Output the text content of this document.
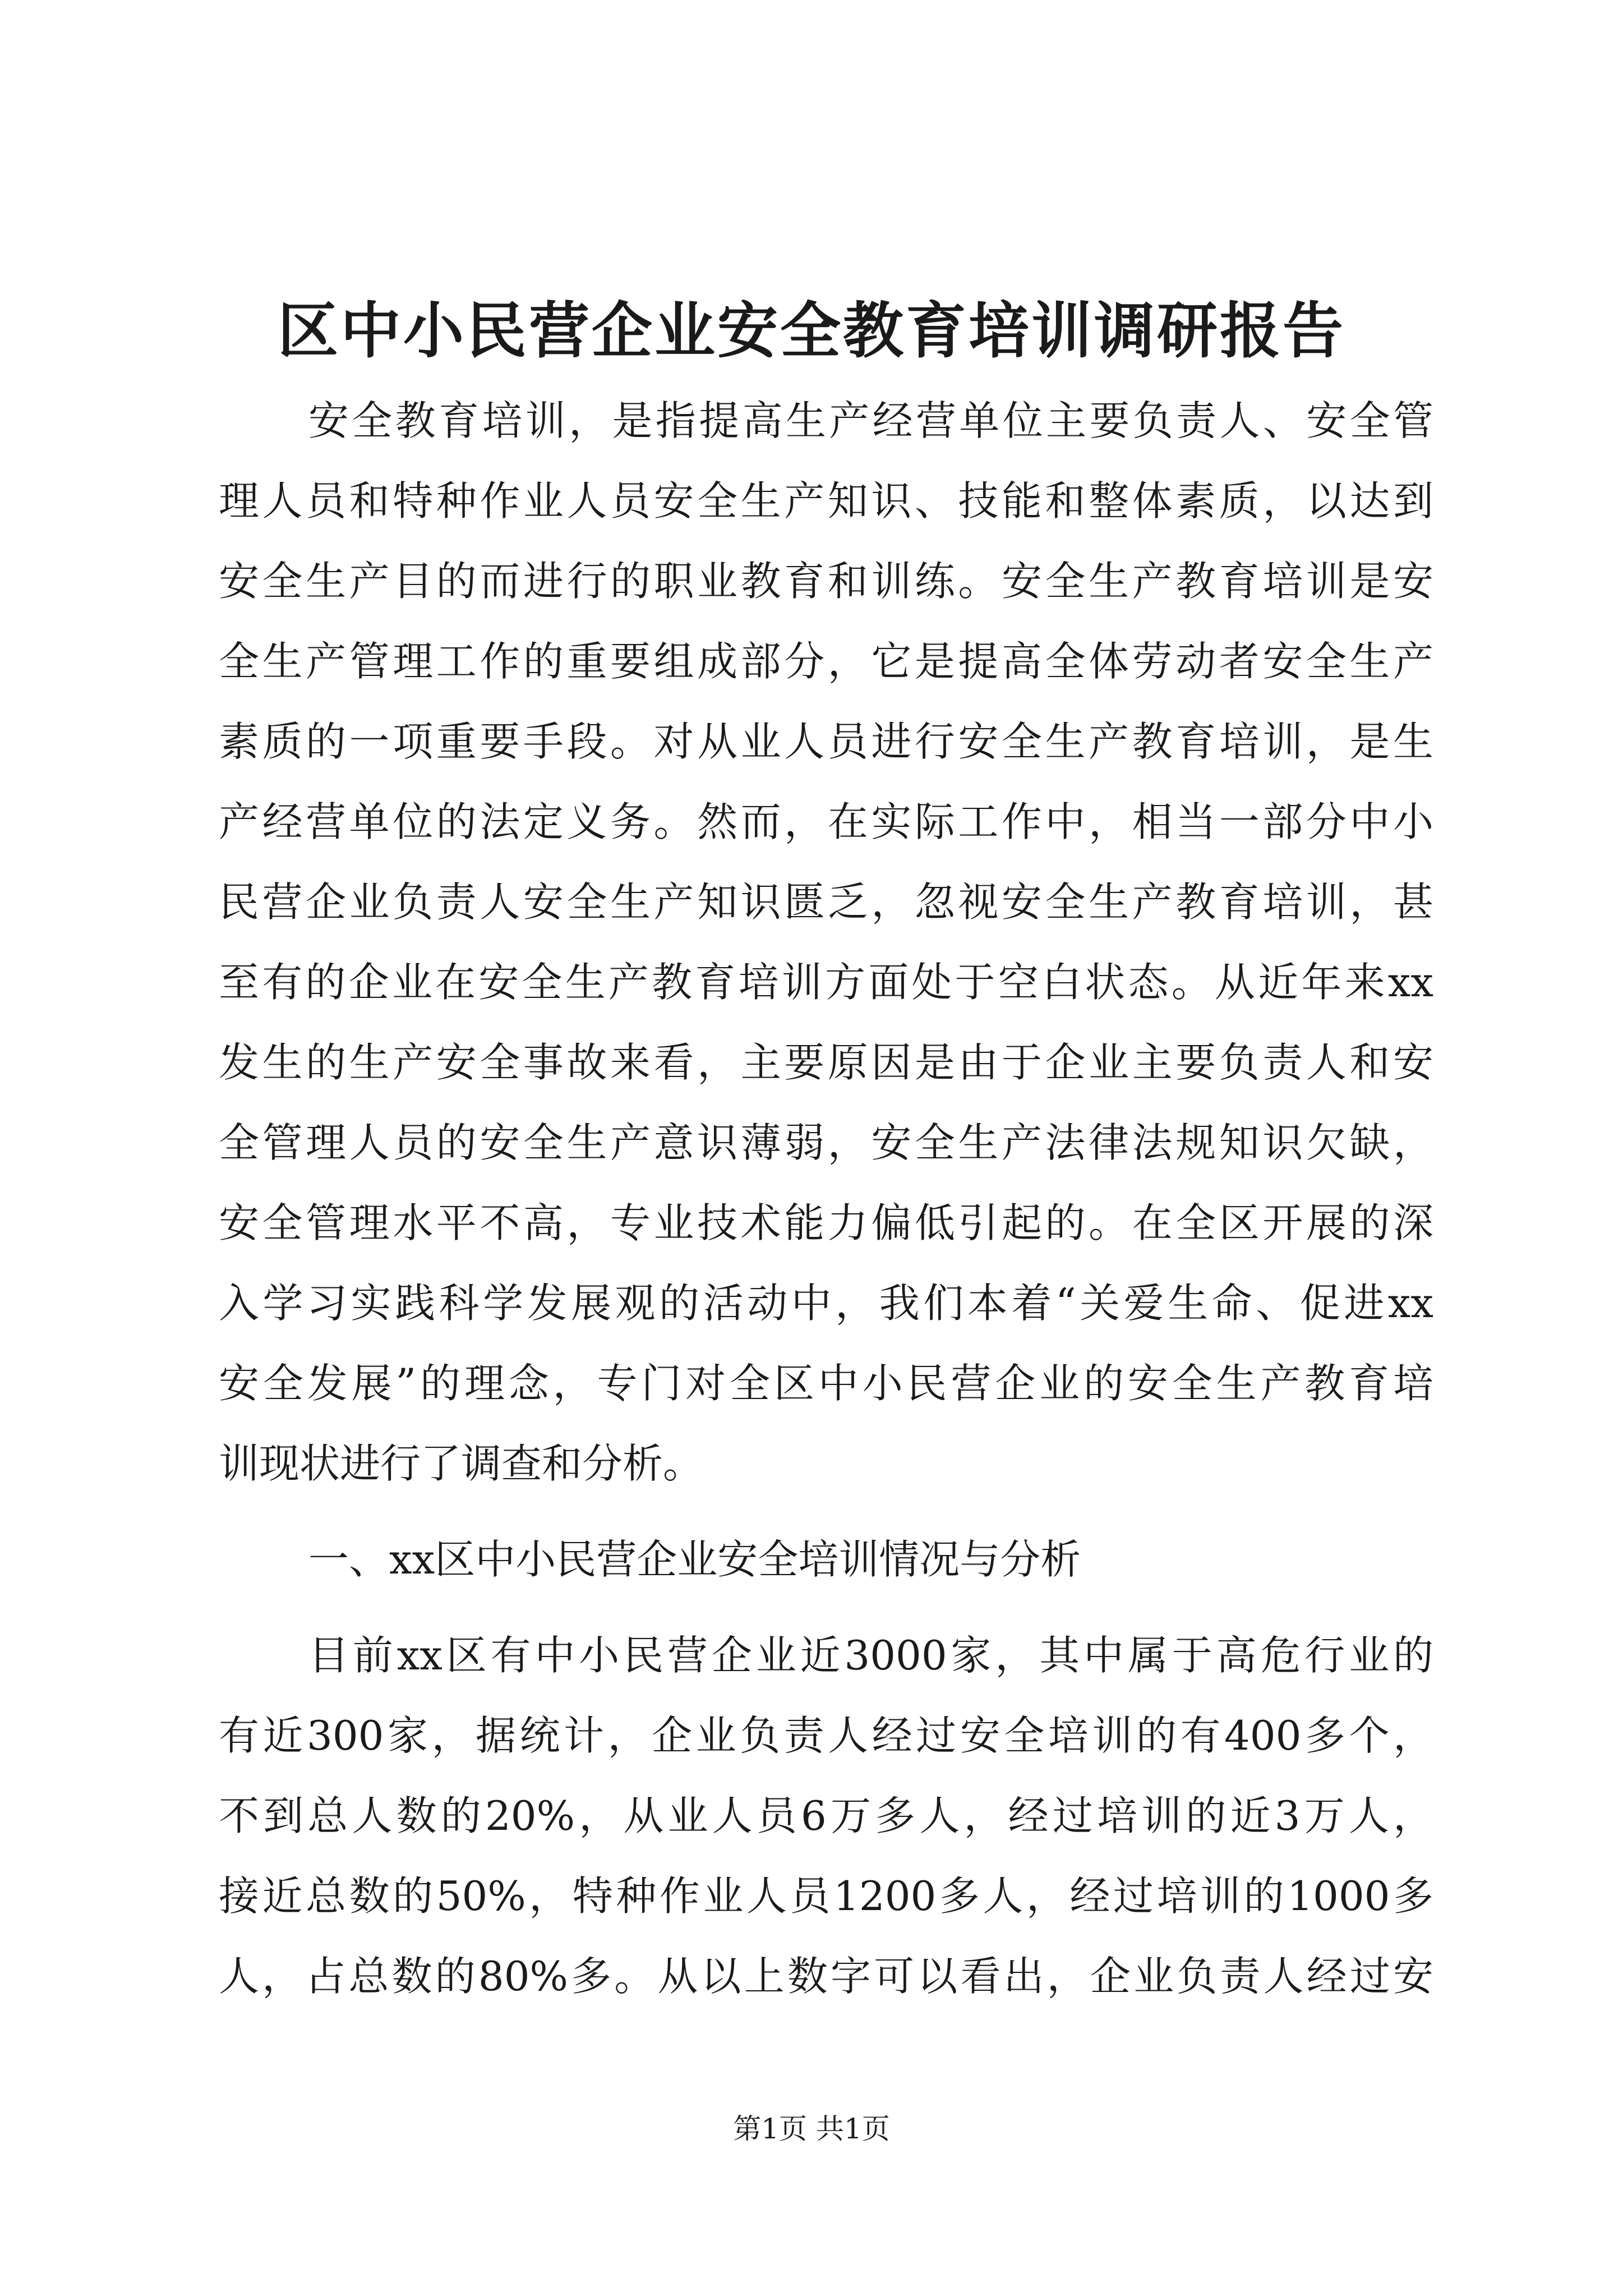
区中小民营企业安全教育培训调研报告
安全教育培训，是指提高生产经营单位主要负责人、安全管
理人员和特种作业人员安全生产知识、技能和整体素质，以达到
安全生产目的而进行的职业教育和训练。安全生产教育培训是安
全生产管理工作的重要组成部分，它是提高全体劳动者安全生产
素质的一项重要手段。对从业人员进行安全生产教育培训，是生
产经营单位的法定义务。然而，在实际工作中，相当一部分中小
民营企业负责人安全生产知识匮乏，忽视安全生产教育培训，甚
至有的企业在安全生产教育培训方面处于空白状态。从近年来xx
发生的生产安全事故来看，主要原因是由于企业主要负责人和安
全管理人员的安全生产意识薄弱，安全生产法律法规知识欠缺，
安全管理水平不高，专业技术能力偏低引起的。在全区开展的深
入学习实践科学发展观的活动中，我们本着“关爱生命、促进xx
安全发展”的理念，专门对全区中小民营企业的安全生产教育培
训现状进行了调查和分析。
一、xx区中小民营企业安全培训情况与分析
目前xx区有中小民营企业近3000家，其中属于高危行业的
有近300家，据统计，企业负责人经过安全培训的有400多个，
不到总人数的20%，从业人员6万多人，经过培训的近3万人，
接近总数的50%，特种作业人员1200多人，经过培训的1000多
人，占总数的80%多。从以上数字可以看出，企业负责人经过安
第1页 共1页
